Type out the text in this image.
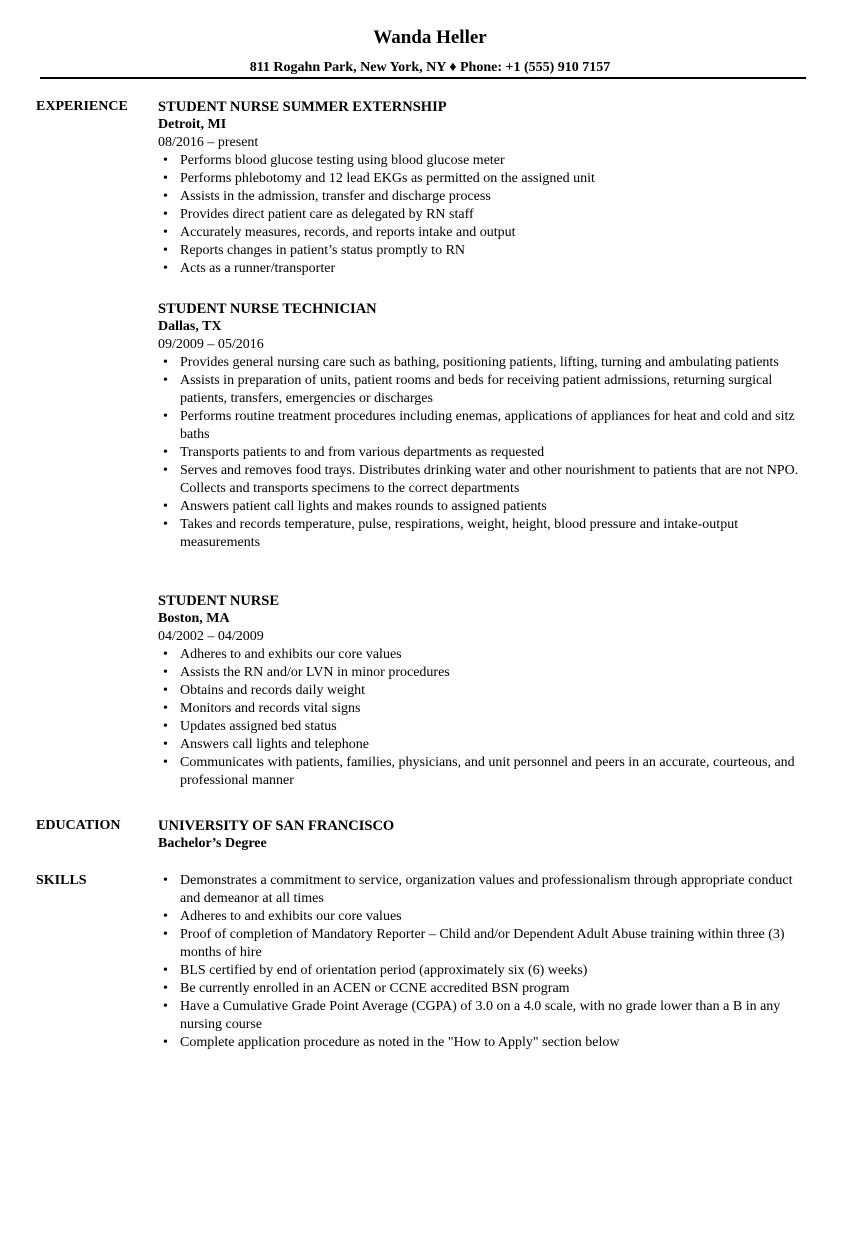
Wanda Heller
811 Rogahn Park, New York, NY ♦ Phone: +1 (555) 910 7157
EXPERIENCE STUDENT NURSE SUMMER EXTERNSHIP
Detroit, MI
08/2016 – present
• Performs blood glucose testing using blood glucose meter
• Performs phlebotomy and 12 lead EKGs as permitted on the assigned unit
• Assists in the admission, transfer and discharge process
• Provides direct patient care as delegated by RN staff
• Accurately measures, records, and reports intake and output
• Reports changes in patient’s status promptly to RN
• Acts as a runner/transporter
STUDENT NURSE TECHNICIAN
Dallas, TX
09/2009 – 05/2016
• Provides general nursing care such as bathing, positioning patients, lifting, turning and ambulating patients
• Assists in preparation of units, patient rooms and beds for receiving patient admissions, returning surgical patients, transfers, emergencies or discharges
• Performs routine treatment procedures including enemas, applications of appliances for heat and cold and sitz baths
• Transports patients to and from various departments as requested
• Serves and removes food trays. Distributes drinking water and other nourishment to patients that are not NPO. Collects and transports specimens to the correct departments
• Answers patient call lights and makes rounds to assigned patients
• Takes and records temperature, pulse, respirations, weight, height, blood pressure and intake-output measurements
STUDENT NURSE
Boston, MA
04/2002 – 04/2009
• Adheres to and exhibits our core values
• Assists the RN and/or LVN in minor procedures
• Obtains and records daily weight
• Monitors and records vital signs
• Updates assigned bed status
• Answers call lights and telephone
• Communicates with patients, families, physicians, and unit personnel and peers in an accurate, courteous, and professional manner
EDUCATION	UNIVERSITY OF SAN FRANCISCO
Bachelor’s Degree
SKILLS
•	Demonstrates a commitment to service, organization values and professionalism through appropriate conduct and demeanor at all times
• Adheres to and exhibits our core values
• Proof of completion of Mandatory Reporter – Child and/or Dependent Adult Abuse training within three (3) months of hire
• BLS certified by end of orientation period (approximately six (6) weeks)
• Be currently enrolled in an ACEN or CCNE accredited BSN program
• Have a Cumulative Grade Point Average (CGPA) of 3.0 on a 4.0 scale, with no grade lower than a B in any nursing course
• Complete application procedure as noted in the "How to Apply" section below
